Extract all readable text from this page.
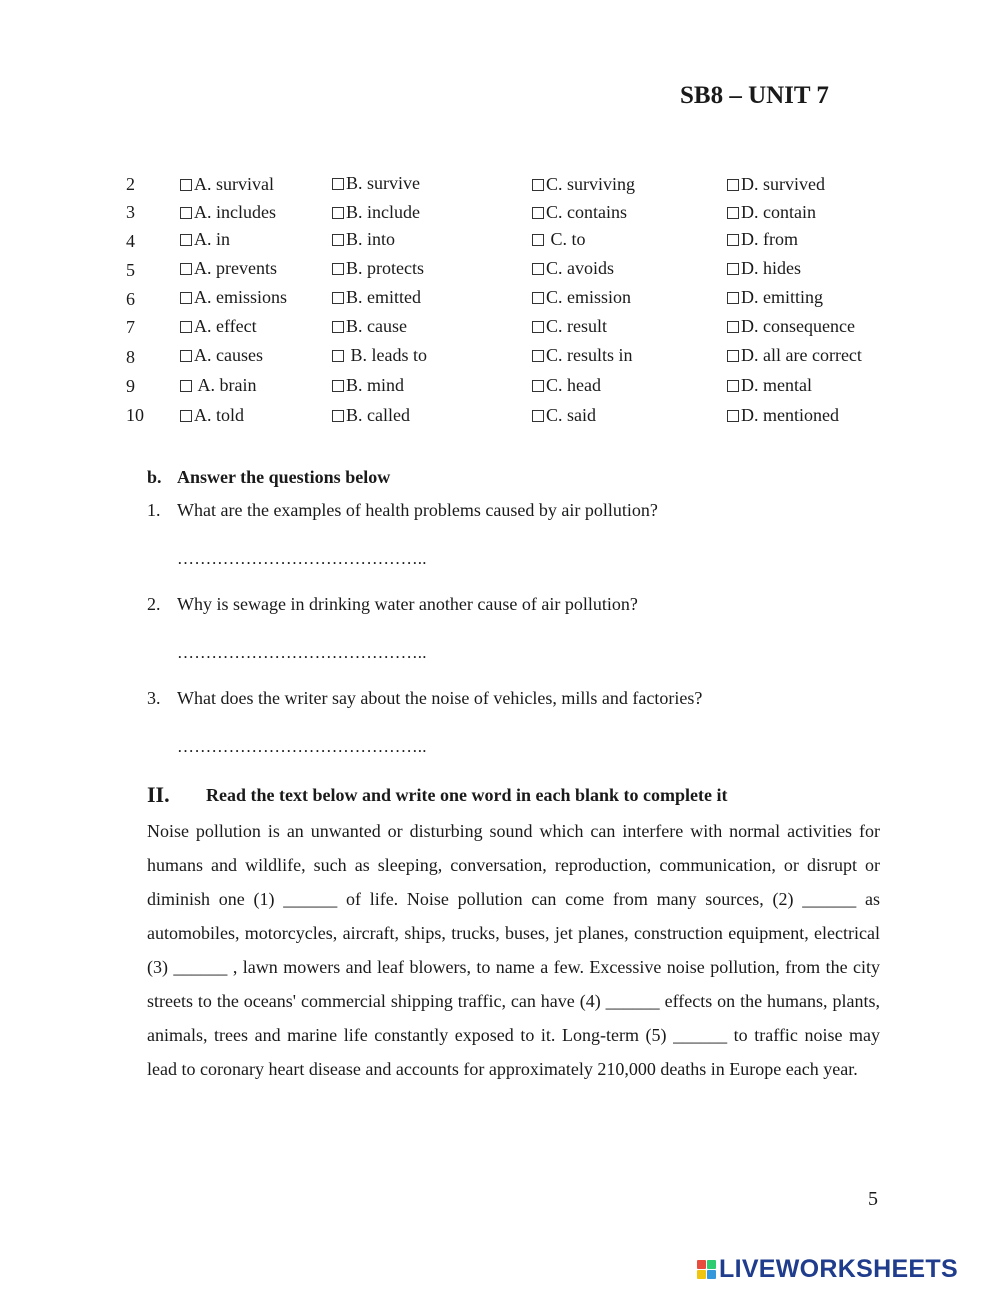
SB8 – UNIT 7
2	A. survival	B. survive	C. surviving	D. survived
3	A. includes	B. include	C. contains	D. contain
4	A. in	B. into	C. to	D. from
5	A. prevents	B. protects	C. avoids	D. hides
6	A. emissions	B. emitted	C. emission	D. emitting
7	A. effect	B. cause	C. result	D. consequence
8	A. causes	B. leads to	C. results in	D. all are correct
9	A. brain	B. mind	C. head	D. mental
10	A. told	B. called	C. said	D. mentioned
b. Answer the questions below
1. What are the examples of health problems caused by air pollution?
……………………………………..
2. Why is sewage in drinking water another cause of air pollution?
……………………………………..
3. What does the writer say about the noise of vehicles, mills and factories?
……………………………………..
II. Read the text below and write one word in each blank to complete it
Noise pollution is an unwanted or disturbing sound which can interfere with normal activities for humans and wildlife, such as sleeping, conversation, reproduction, communication, or disrupt or diminish one (1) ______ of life. Noise pollution can come from many sources, (2) ______ as automobiles, motorcycles, aircraft, ships, trucks, buses, jet planes, construction equipment, electrical (3) ______ , lawn mowers and leaf blowers, to name a few. Excessive noise pollution, from the city streets to the oceans' commercial shipping traffic, can have (4) ______ effects on the humans, plants, animals, trees and marine life constantly exposed to it. Long-term (5) ______ to traffic noise may lead to coronary heart disease and accounts for approximately 210,000 deaths in Europe each year.
5
LIVEWORKSHEETS
